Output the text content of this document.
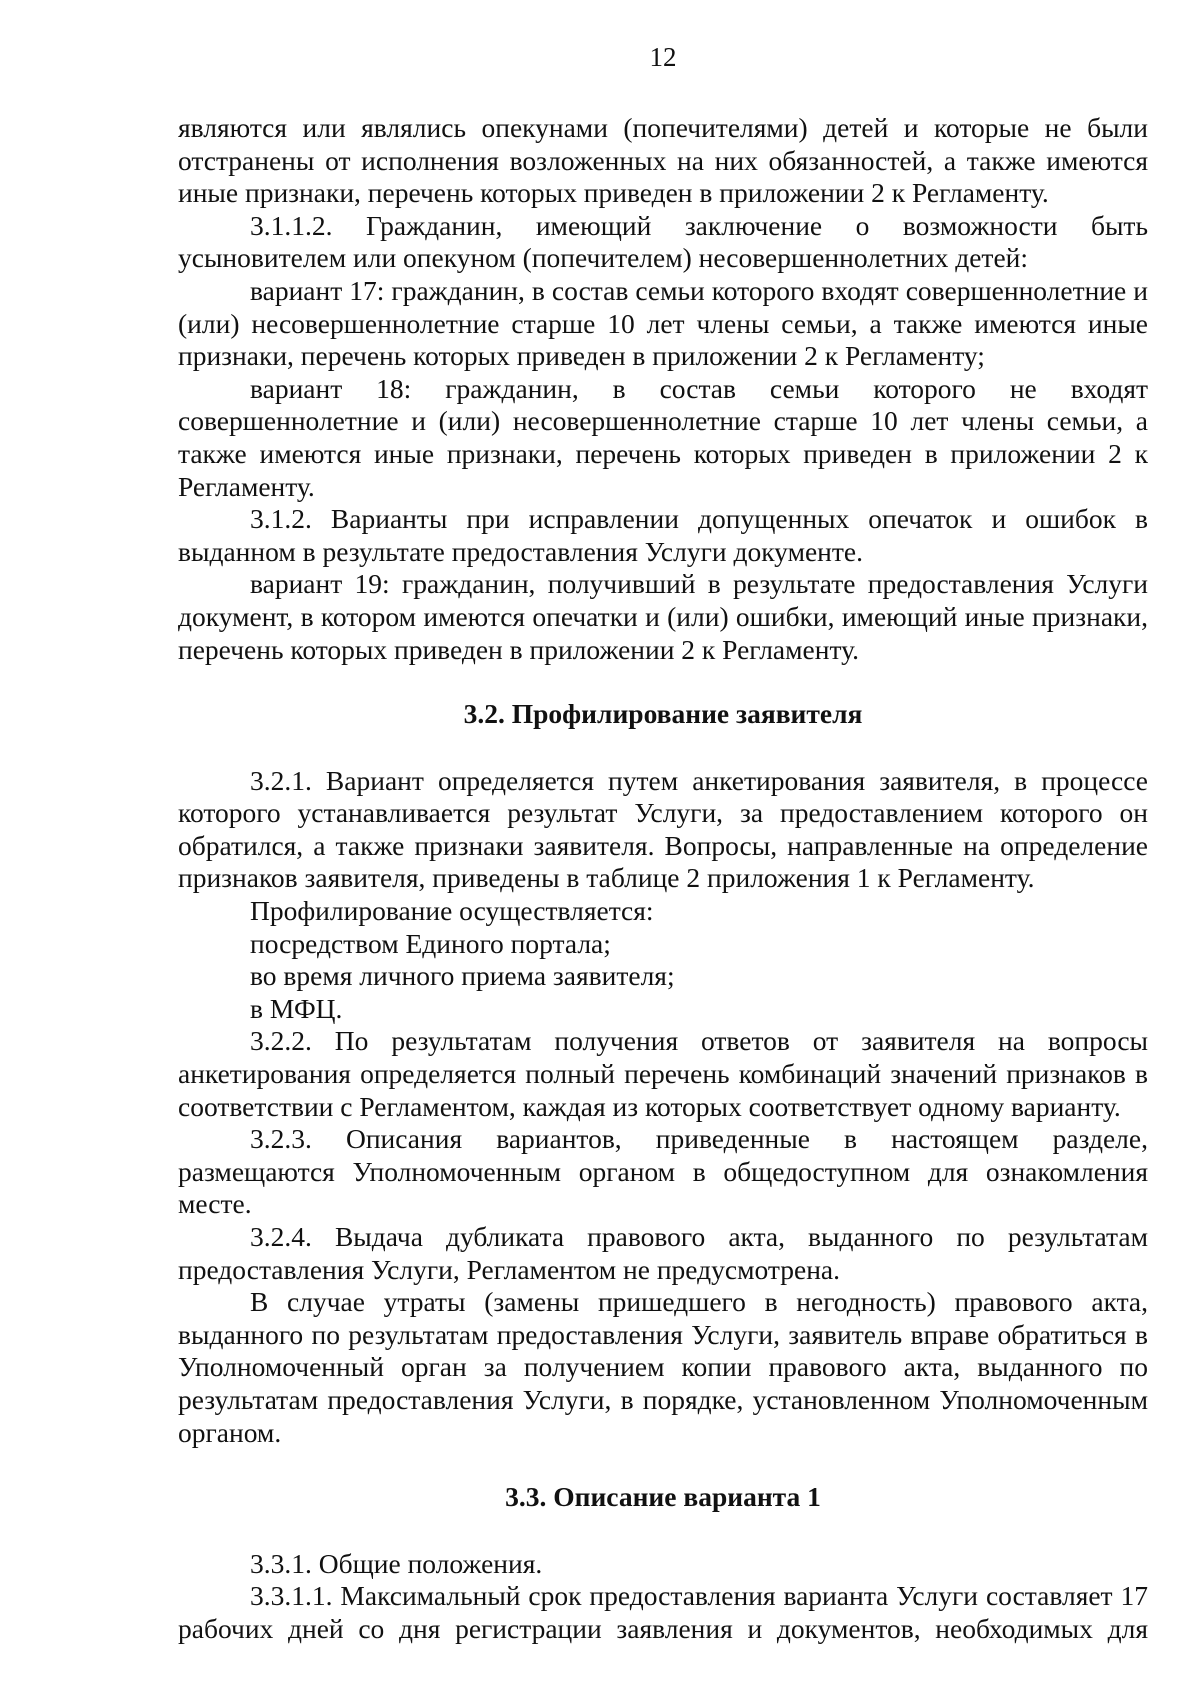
12

являются или являлись опекунами (попечителями) детей и которые не были отстранены от исполнения возложенных на них обязанностей, а также имеются иные признаки, перечень которых приведен в приложении 2 к Регламенту.

3.1.1.2. Гражданин, имеющий заключение о возможности быть усыновителем или опекуном (попечителем) несовершеннолетних детей:

вариант 17: гражданин, в состав семьи которого входят совершеннолетние и (или) несовершеннолетние старше 10 лет члены семьи, а также имеются иные признаки, перечень которых приведен в приложении 2 к Регламенту;

вариант 18: гражданин, в состав семьи которого не входят совершеннолетние и (или) несовершеннолетние старше 10 лет члены семьи, а также имеются иные признаки, перечень которых приведен в приложении 2 к Регламенту.

3.1.2. Варианты при исправлении допущенных опечаток и ошибок в выданном в результате предоставления Услуги документе.

вариант 19: гражданин, получивший в результате предоставления Услуги документ, в котором имеются опечатки и (или) ошибки, имеющий иные признаки, перечень которых приведен в приложении 2 к Регламенту.

3.2. Профилирование заявителя

3.2.1. Вариант определяется путем анкетирования заявителя, в процессе которого устанавливается результат Услуги, за предоставлением которого он обратился, а также признаки заявителя. Вопросы, направленные на определение признаков заявителя, приведены в таблице 2 приложения 1 к Регламенту.

Профилирование осуществляется:

посредством Единого портала;

во время личного приема заявителя;

в МФЦ.

3.2.2. По результатам получения ответов от заявителя на вопросы анкетирования определяется полный перечень комбинаций значений признаков в соответствии с Регламентом, каждая из которых соответствует одному варианту.

3.2.3. Описания вариантов, приведенные в настоящем разделе, размещаются Уполномоченным органом в общедоступном для ознакомления месте.

3.2.4. Выдача дубликата правового акта, выданного по результатам предоставления Услуги, Регламентом не предусмотрена.

В случае утраты (замены пришедшего в негодность) правового акта, выданного по результатам предоставления Услуги, заявитель вправе обратиться в Уполномоченный орган за получением копии правового акта, выданного по результатам предоставления Услуги, в порядке, установленном Уполномоченным органом.

3.3. Описание варианта 1

3.3.1. Общие положения.

3.3.1.1. Максимальный срок предоставления варианта Услуги составляет 17 рабочих дней со дня регистрации заявления и документов, необходимых для
